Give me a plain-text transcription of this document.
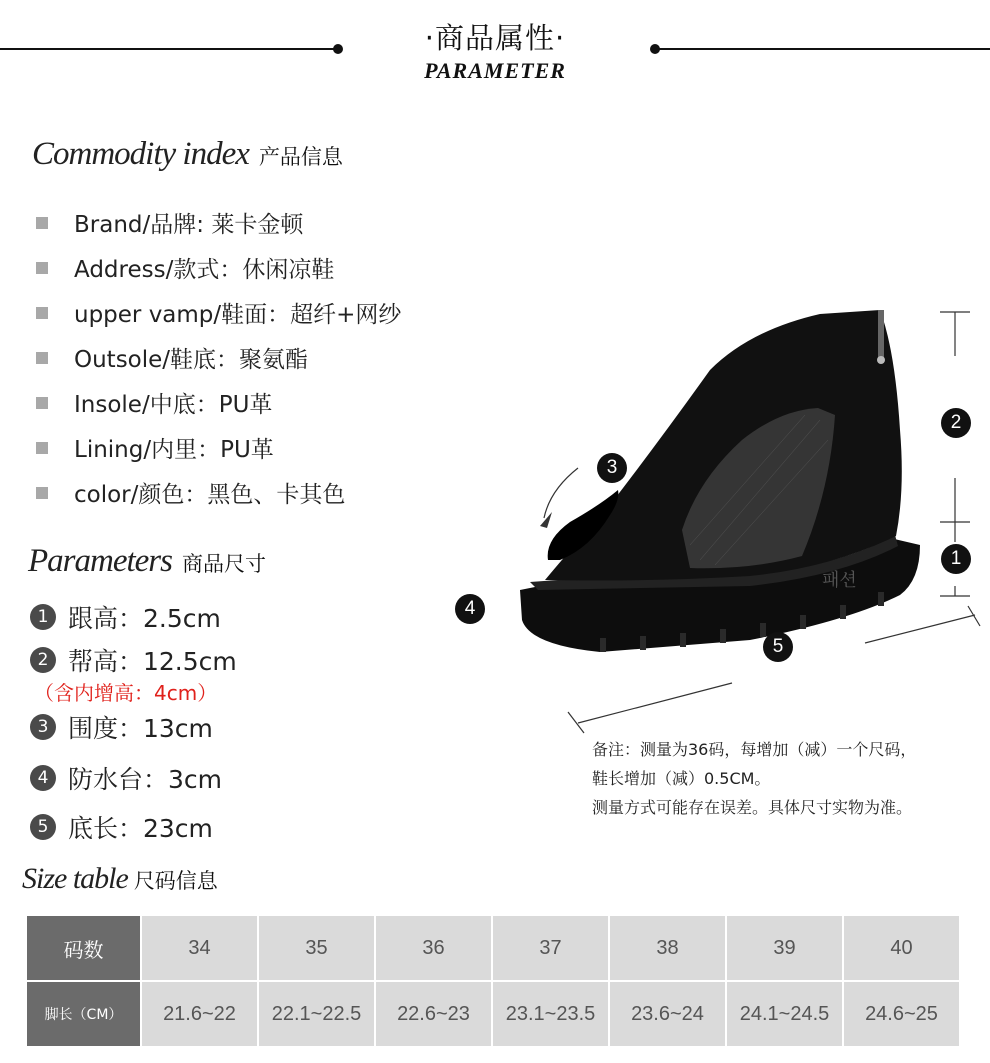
·商品属性·
PARAMETER
Commodity index 产品信息
Brand/品牌: 莱卡金顿
Address/款式：休闲凉鞋
upper vamp/鞋面：超纤+网纱
Outsole/鞋底：聚氨酯
Insole/中底：PU革
Lining/内里：PU革
color/颜色：黑色、卡其色
Parameters 商品尺寸
1 跟高：2.5cm
2 帮高：12.5cm
（含内增高：4cm）
3 围度：13cm
4 防水台：3cm
5 底长：23cm
패션
2
1
3
4
5
备注：测量为36码，每增加（减）一个尺码，
鞋长增加（减）0.5CM。
测量方式可能存在误差。具体尺寸实物为准。
Size table 尺码信息
码数	34	35	36	37	38	39	40
脚长（CM）	21.6~22	22.1~22.5	22.6~23	23.1~23.5	23.6~24	24.1~24.5	24.6~25
